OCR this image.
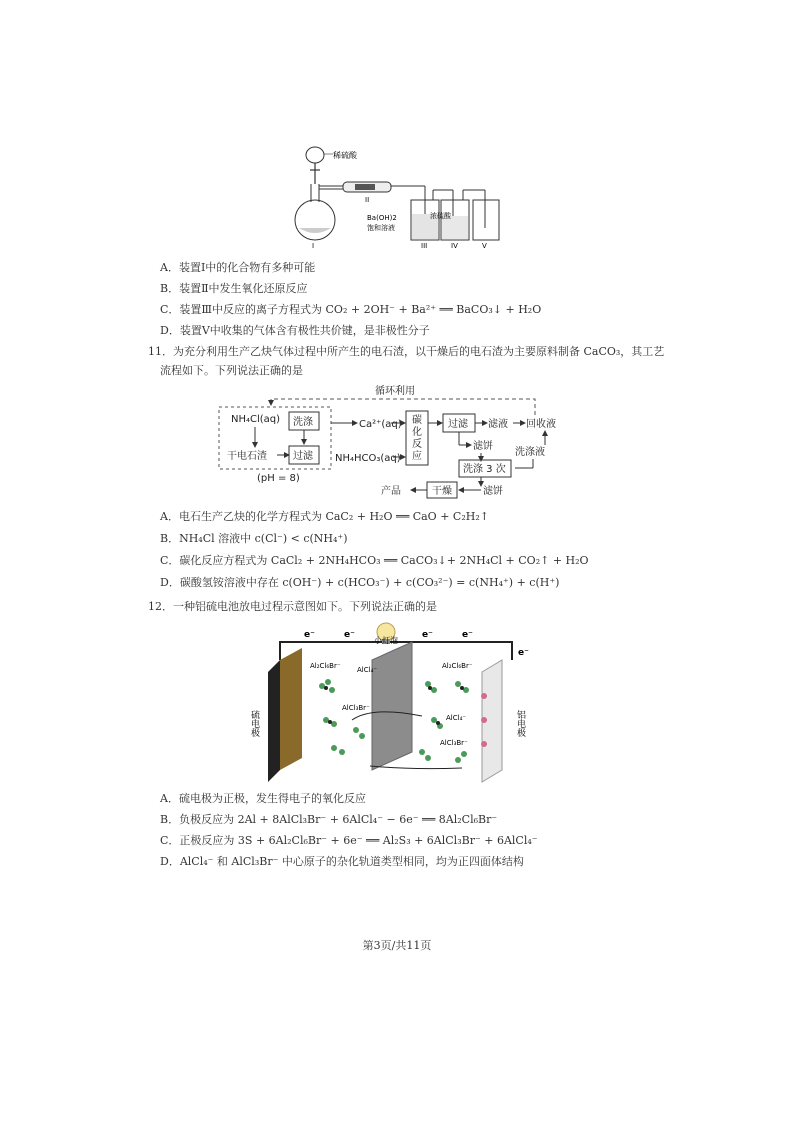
稀硫酸
I
II
III
Ba(OH)2
饱和溶液
IV
浓硫酸
V
A．装置Ⅰ中的化合物有多种可能
B．装置Ⅱ中发生氧化还原反应
C．装置Ⅲ中反应的离子方程式为 CO₂ + 2OH⁻ + Ba²⁺ ══ BaCO₃↓ + H₂O
D．装置Ⅴ中收集的气体含有极性共价键，是非极性分子
11．为充分利用生产乙炔气体过程中所产生的电石渣，以干燥后的电石渣为主要原料制备 CaCO₃，其工艺
流程如下。下列说法正确的是
循环利用
NH₄Cl(aq) 洗涤
干电石渣	过滤
(pH = 8)
Ca²⁺(aq) 碳
化
反
应
NH₄HCO₃(aq)
过滤 滤液 回收液
滤饼
洗涤液
洗涤 3 次
滤饼
干燥
产品
A．电石生产乙炔的化学方程式为 CaC₂ + H₂O ══ CaO + C₂H₂↑
B．NH₄Cl 溶液中 c(Cl⁻) < c(NH₄⁺)
C．碳化反应方程式为 CaCl₂ + 2NH₄HCO₃ ══ CaCO₃↓+ 2NH₄Cl + CO₂↑ + H₂O
D．碳酸氢铵溶液中存在 c(OH⁻) + c(HCO₃⁻) + c(CO₃²⁻) = c(NH₄⁺) + c(H⁺)
12．一种铝硫电池放电过程示意图如下。下列说法正确的是
e⁻	e⁻	e⁻	e⁻
e⁻
小灯泡
硫电极	铝电极
Al₂Cl₆Br⁻ AlCl₄⁻
AlCl₃Br⁻
Al₂Cl₆Br⁻
AlCl₄⁻
AlCl₃Br⁻
A．硫电极为正极，发生得电子的氧化反应
B．负极反应为 2Al + 8AlCl₃Br⁻ + 6AlCl₄⁻ − 6e⁻ ══ 8Al₂Cl₆Br⁻
C．正极反应为 3S + 6Al₂Cl₆Br⁻ + 6e⁻ ══ Al₂S₃ + 6AlCl₃Br⁻ + 6AlCl₄⁻
D．AlCl₄⁻ 和 AlCl₃Br⁻ 中心原子的杂化轨道类型相同，均为正四面体结构
第3页/共11页
